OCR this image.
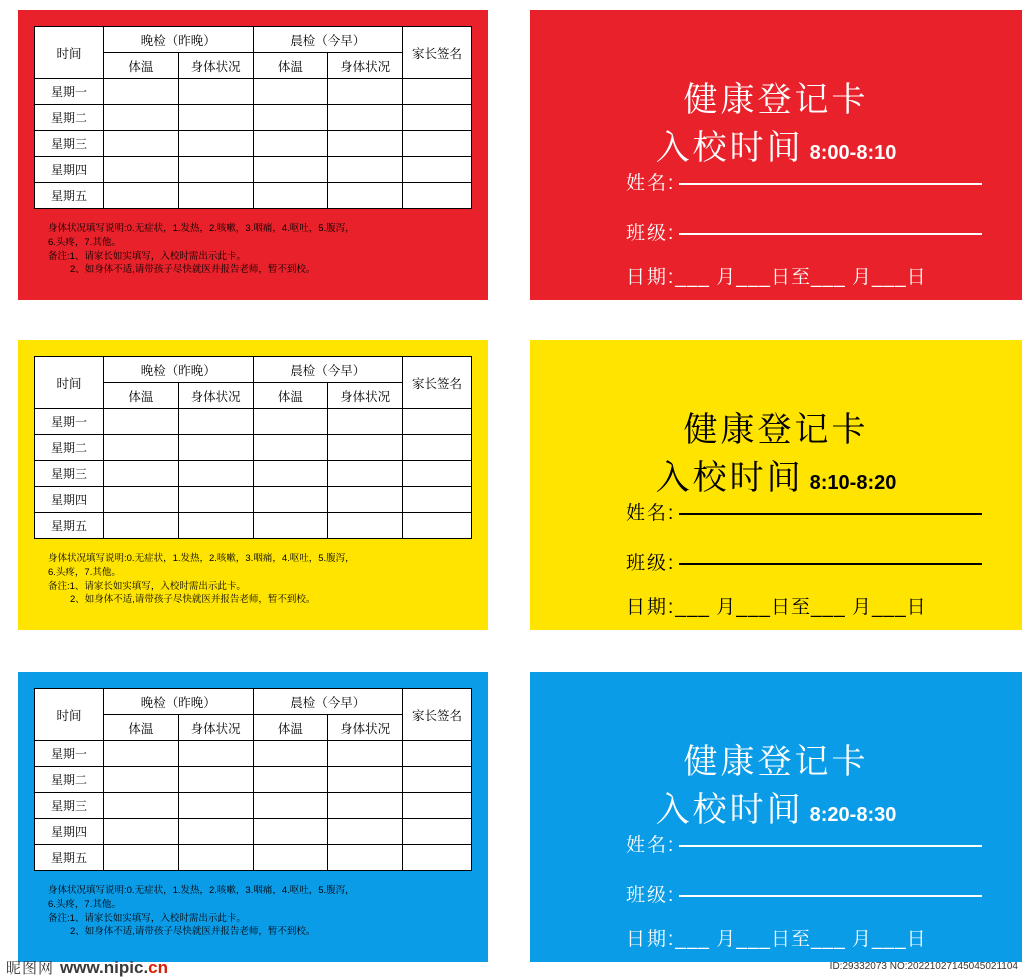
时间	晚检（昨晚）		晨检（今早）		家长签名
	体温	身体状况	体温	身体状况	
星期一					
星期二					
星期三					
星期四					
星期五					
身体状况填写说明:0.无症状，1.发热，2.咳嗽，3.咽痛，4.呕吐，5.腹泻，
6.头疼，7.其他。
备注:1、请家长如实填写，入校时需出示此卡。
2、如身体不适,请带孩子尽快就医并报告老师，暂不到校。
健康登记卡
入校时间 8:00-8:10
姓名:
班级:
日期: ___ 月___日至___ 月___日
时间	晚检（昨晚）		晨检（今早）		家长签名
	体温	身体状况	体温	身体状况	
星期一					
星期二					
星期三					
星期四					
星期五					
身体状况填写说明:0.无症状，1.发热，2.咳嗽，3.咽痛，4.呕吐，5.腹泻，
6.头疼，7.其他。
备注:1、请家长如实填写，入校时需出示此卡。
2、如身体不适,请带孩子尽快就医并报告老师，暂不到校。
健康登记卡
入校时间 8:10-8:20
姓名:
班级:
日期: ___ 月___日至___ 月___日
时间	晚检（昨晚）		晨检（今早）		家长签名
	体温	身体状况	体温	身体状况	
星期一					
星期二					
星期三					
星期四					
星期五					
身体状况填写说明:0.无症状，1.发热，2.咳嗽，3.咽痛，4.呕吐，5.腹泻，
6.头疼，7.其他。
备注:1、请家长如实填写，入校时需出示此卡。
2、如身体不适,请带孩子尽快就医并报告老师，暂不到校。
健康登记卡
入校时间 8:20-8:30
姓名:
班级:
日期: ___ 月___日至___ 月___日
昵图网 www.nipic.cn	ID:29332073 NO:20221027145045021104
